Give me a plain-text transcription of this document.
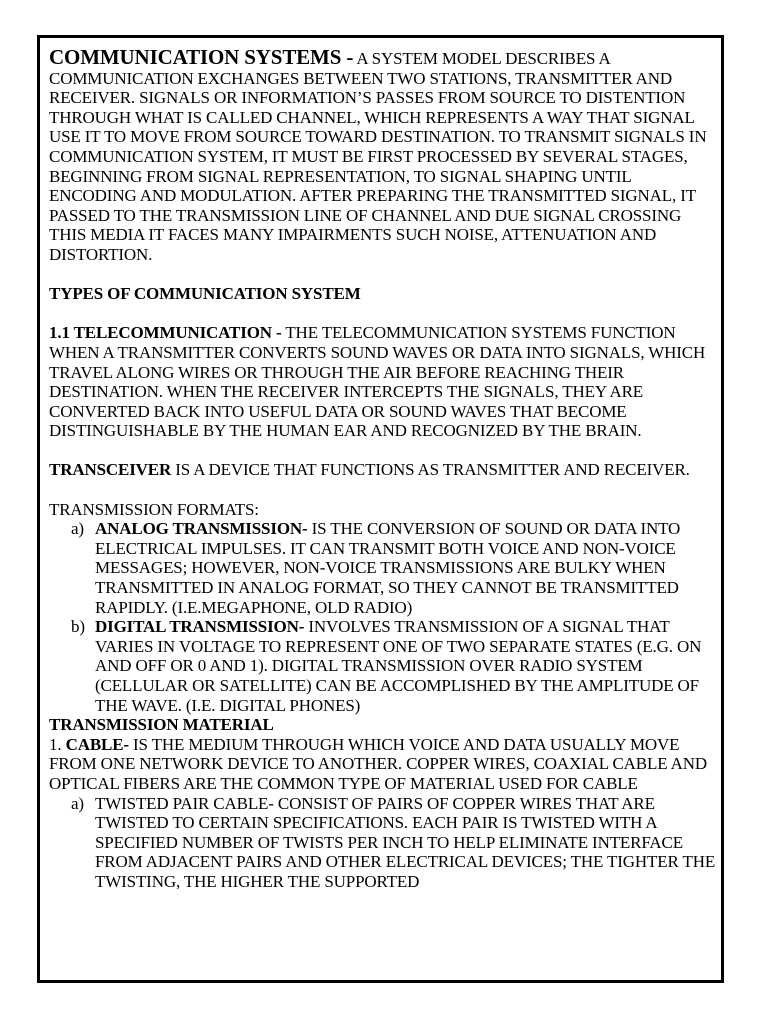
COMMUNICATION SYSTEMS - A SYSTEM MODEL DESCRIBES A COMMUNICATION EXCHANGES BETWEEN TWO STATIONS, TRANSMITTER AND RECEIVER. SIGNALS OR INFORMATION’S PASSES FROM SOURCE TO DISTENTION THROUGH WHAT IS CALLED CHANNEL, WHICH REPRESENTS A WAY THAT SIGNAL USE IT TO MOVE FROM SOURCE TOWARD DESTINATION. TO TRANSMIT SIGNALS IN COMMUNICATION SYSTEM, IT MUST BE FIRST PROCESSED BY SEVERAL STAGES, BEGINNING FROM SIGNAL REPRESENTATION, TO SIGNAL SHAPING UNTIL ENCODING AND MODULATION. AFTER PREPARING THE TRANSMITTED SIGNAL, IT PASSED TO THE TRANSMISSION LINE OF CHANNEL AND DUE SIGNAL CROSSING THIS MEDIA IT FACES MANY IMPAIRMENTS SUCH NOISE, ATTENUATION AND DISTORTION.

TYPES OF COMMUNICATION SYSTEM

1.1 TELECOMMUNICATION - THE TELECOMMUNICATION SYSTEMS FUNCTION WHEN A TRANSMITTER CONVERTS SOUND WAVES OR DATA INTO SIGNALS, WHICH TRAVEL ALONG WIRES OR THROUGH THE AIR BEFORE REACHING THEIR DESTINATION. WHEN THE RECEIVER INTERCEPTS THE SIGNALS, THEY ARE CONVERTED BACK INTO USEFUL DATA OR SOUND WAVES THAT BECOME DISTINGUISHABLE BY THE HUMAN EAR AND RECOGNIZED BY THE BRAIN.

TRANSCEIVER IS A DEVICE THAT FUNCTIONS AS TRANSMITTER AND RECEIVER.

TRANSMISSION FORMATS:

a) ANALOG TRANSMISSION- IS THE CONVERSION OF SOUND OR DATA INTO ELECTRICAL IMPULSES. IT CAN TRANSMIT BOTH VOICE AND NON-VOICE MESSAGES; HOWEVER, NON-VOICE TRANSMISSIONS ARE BULKY WHEN TRANSMITTED IN ANALOG FORMAT, SO THEY CANNOT BE TRANSMITTED RAPIDLY. (I.E.MEGAPHONE, OLD RADIO)
b) DIGITAL TRANSMISSION- INVOLVES TRANSMISSION OF A SIGNAL THAT VARIES IN VOLTAGE TO REPRESENT ONE OF TWO SEPARATE STATES (E.G. ON AND OFF OR 0 AND 1). DIGITAL TRANSMISSION OVER RADIO SYSTEM (CELLULAR OR SATELLITE) CAN BE ACCOMPLISHED BY THE AMPLITUDE OF THE WAVE. (I.E. DIGITAL PHONES)

TRANSMISSION MATERIAL

1. CABLE- IS THE MEDIUM THROUGH WHICH VOICE AND DATA USUALLY MOVE FROM ONE NETWORK DEVICE TO ANOTHER. COPPER WIRES, COAXIAL CABLE AND OPTICAL FIBERS ARE THE COMMON TYPE OF MATERIAL USED FOR CABLE

a) TWISTED PAIR CABLE- CONSIST OF PAIRS OF COPPER WIRES THAT ARE TWISTED TO CERTAIN SPECIFICATIONS. EACH PAIR IS TWISTED WITH A SPECIFIED NUMBER OF TWISTS PER INCH TO HELP ELIMINATE INTERFACE FROM ADJACENT PAIRS AND OTHER ELECTRICAL DEVICES; THE TIGHTER THE TWISTING, THE HIGHER THE SUPPORTED
